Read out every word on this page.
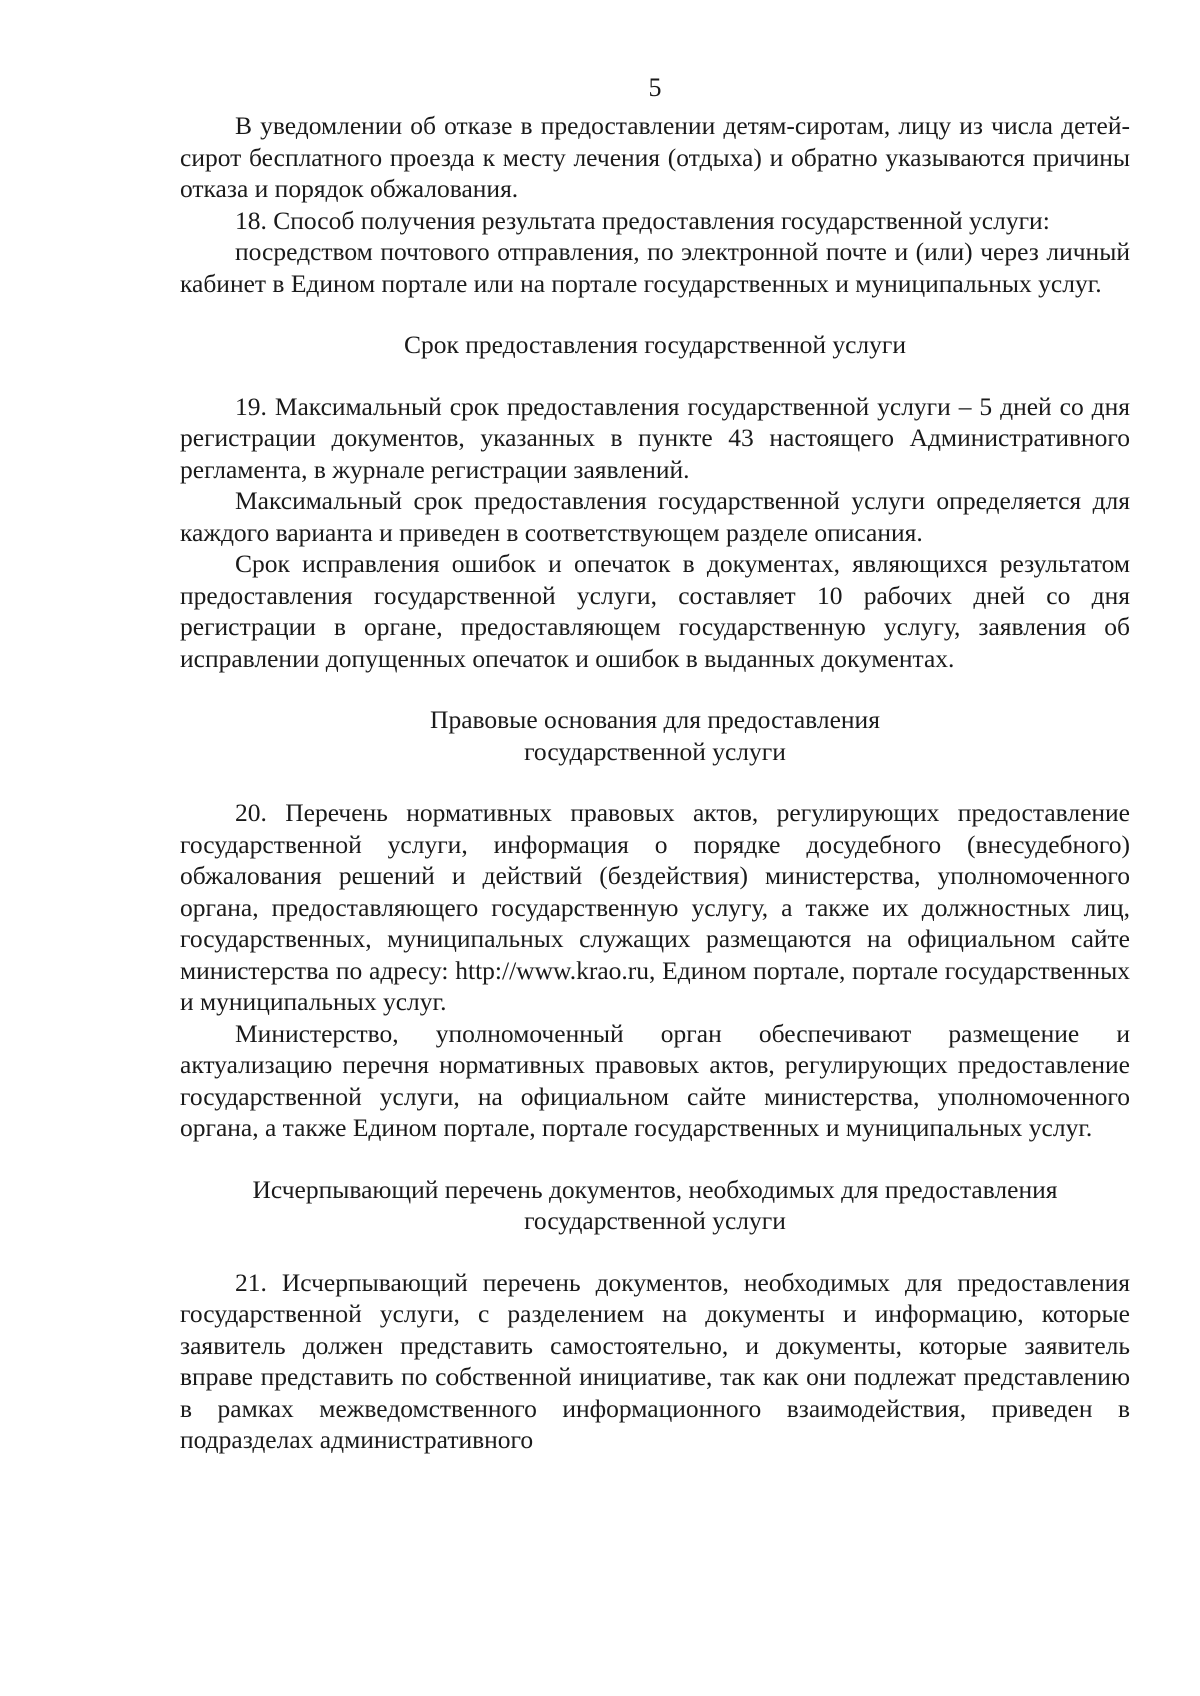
5

В уведомлении об отказе в предоставлении детям-сиротам, лицу из числа детей-сирот бесплатного проезда к месту лечения (отдыха) и обратно указываются причины отказа и порядок обжалования.

18. Способ получения результата предоставления государственной услуги:

посредством почтового отправления, по электронной почте и (или) через личный кабинет в Едином портале или на портале государственных и муниципальных услуг.

Срок предоставления государственной услуги

19. Максимальный срок предоставления государственной услуги – 5 дней со дня регистрации документов, указанных в пункте 43 настоящего Административного регламента, в журнале регистрации заявлений.

Максимальный срок предоставления государственной услуги определяется для каждого варианта и приведен в соответствующем разделе описания.

Срок исправления ошибок и опечаток в документах, являющихся результатом предоставления государственной услуги, составляет 10 рабочих дней со дня регистрации в органе, предоставляющем государственную услугу, заявления об исправлении допущенных опечаток и ошибок в выданных документах.

Правовые основания для предоставления
государственной услуги

20. Перечень нормативных правовых актов, регулирующих предоставление государственной услуги, информация о порядке досудебного (внесудебного) обжалования решений и действий (бездействия) министерства, уполномоченного органа, предоставляющего государственную услугу, а также их должностных лиц, государственных, муниципальных служащих размещаются на официальном сайте министерства по адресу: http://www.krao.ru, Едином портале, портале государственных и муниципальных услуг.

Министерство, уполномоченный орган обеспечивают размещение и актуализацию перечня нормативных правовых актов, регулирующих предоставление государственной услуги, на официальном сайте министерства, уполномоченного органа, а также Едином портале, портале государственных и муниципальных услуг.

Исчерпывающий перечень документов, необходимых для предоставления
государственной услуги

21. Исчерпывающий перечень документов, необходимых для предоставления государственной услуги, с разделением на документы и информацию, которые заявитель должен представить самостоятельно, и документы, которые заявитель вправе представить по собственной инициативе, так как они подлежат представлению в рамках межведомственного информационного взаимодействия, приведен в подразделах административного
